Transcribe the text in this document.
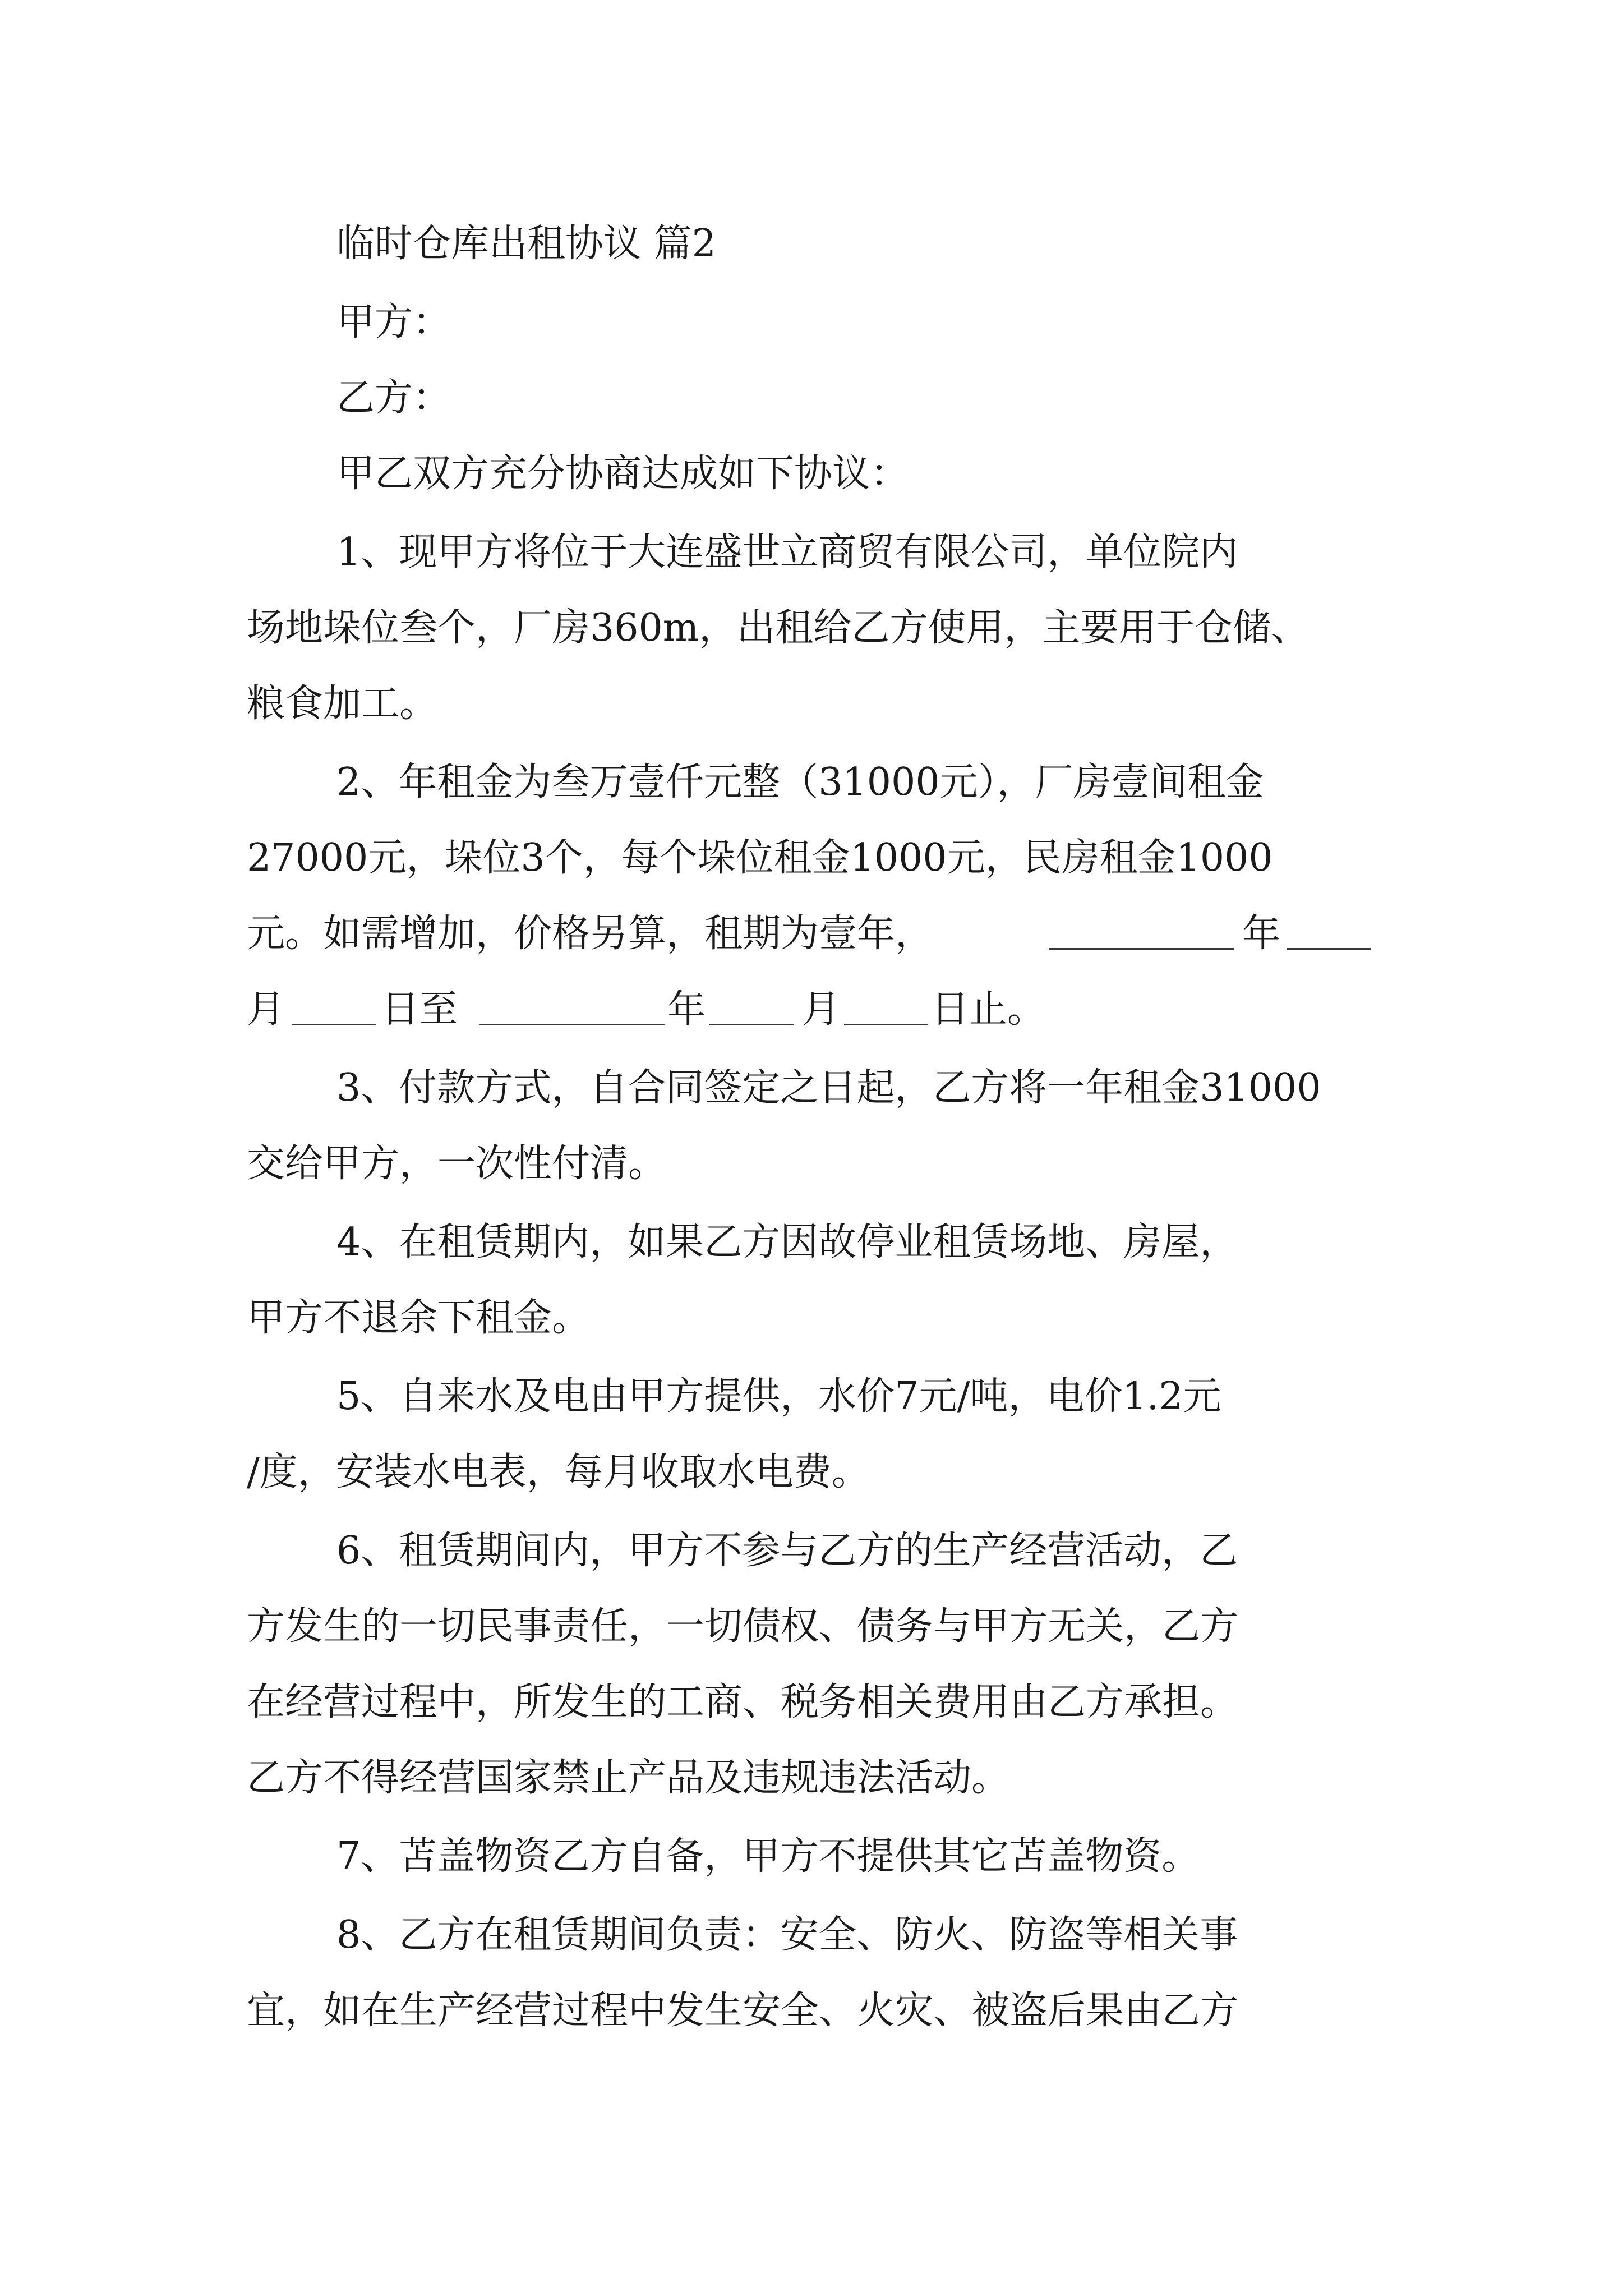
临时仓库出租协议 篇2
甲方：
乙方：
甲乙双方充分协商达成如下协议：
1、现甲方将位于大连盛世立商贸有限公司，单位院内
场地垛位叁个，厂房360m，出租给乙方使用，主要用于仓储、
粮食加工。
2、年租金为叁万壹仟元整（31000元），厂房壹间租金
27000元，垛位3个，每个垛位租金1000元，民房租金1000
元。如需增加，价格另算，租期为壹年，	年
月	日至	年	月 日止。
3、付款方式，自合同签定之日起，乙方将一年租金31000
交给甲方，一次性付清。
4、在租赁期内，如果乙方因故停业租赁场地、房屋，
甲方不退余下租金。
5、自来水及电由甲方提供，水价7元/吨，电价1.2元
/度，安装水电表，每月收取水电费。
6、租赁期间内，甲方不参与乙方的生产经营活动，乙
方发生的一切民事责任，一切债权、债务与甲方无关，乙方
在经营过程中，所发生的工商、税务相关费用由乙方承担。
乙方不得经营国家禁止产品及违规违法活动。
7、苫盖物资乙方自备，甲方不提供其它苫盖物资。
8、乙方在租赁期间负责：安全、防火、防盗等相关事
宜，如在生产经营过程中发生安全、火灾、被盗后果由乙方
